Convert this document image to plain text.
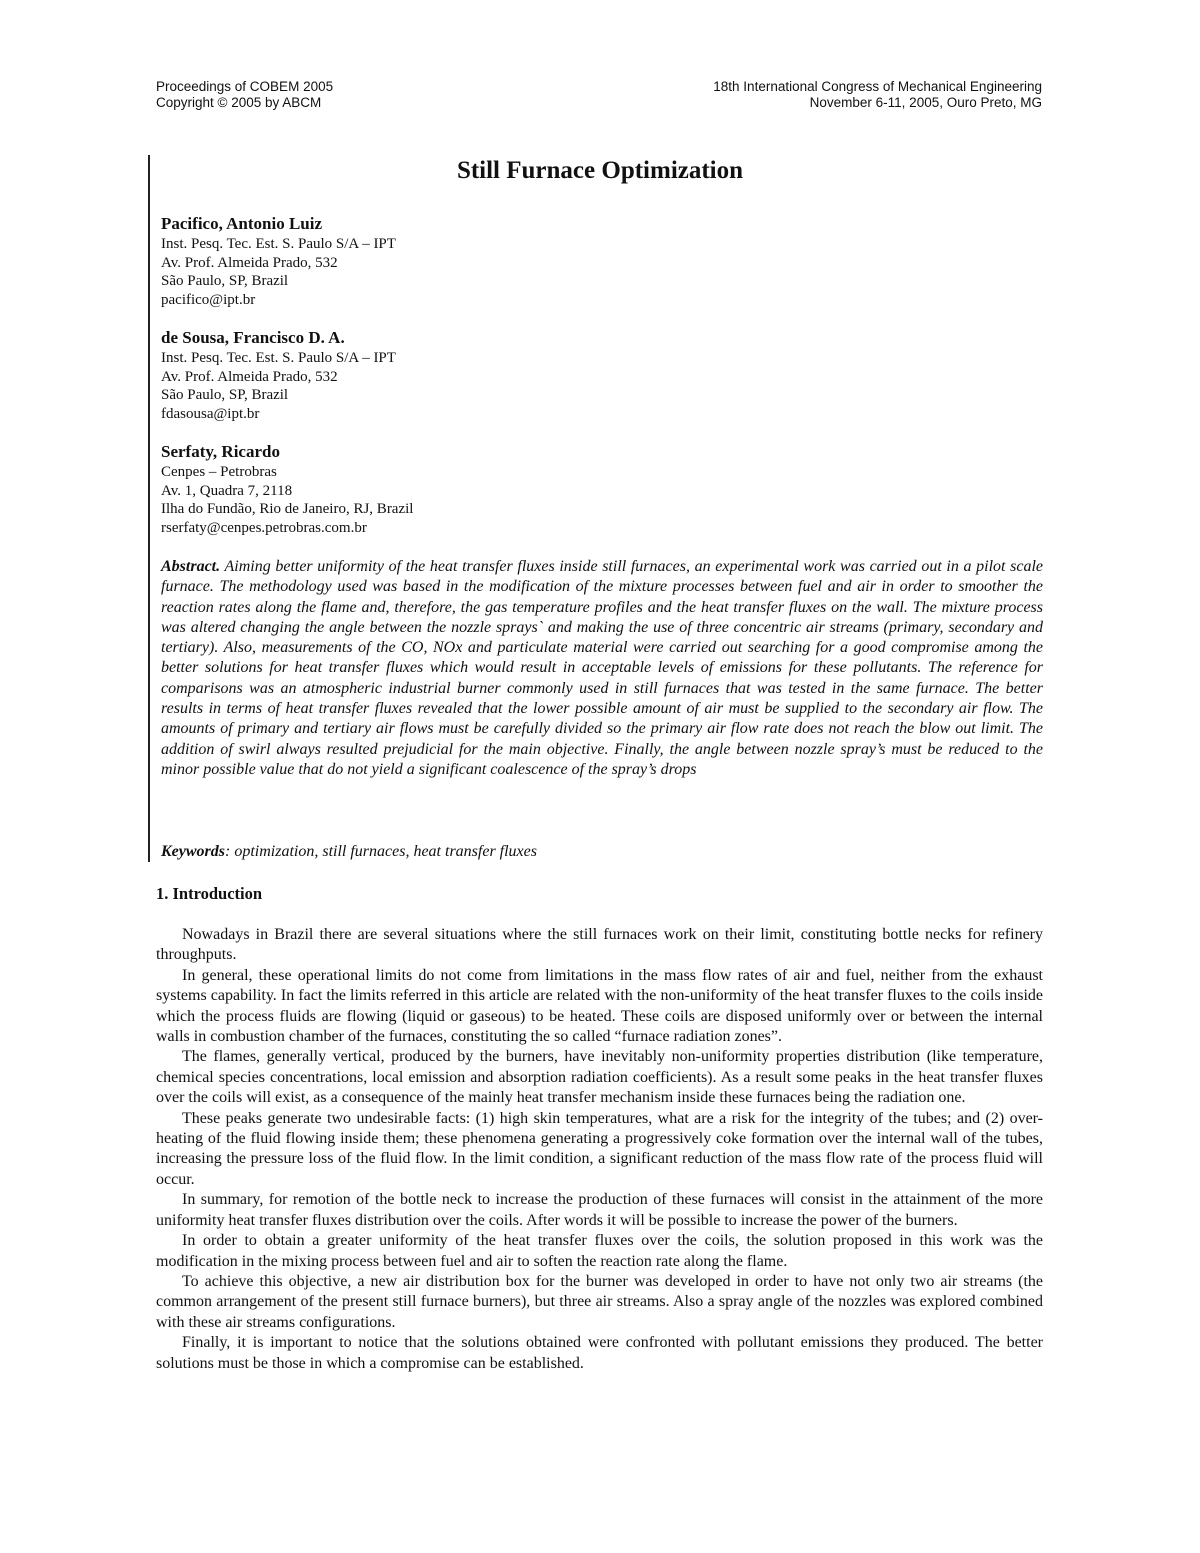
Proceedings of COBEM 2005
Copyright © 2005 by ABCM
18th International Congress of Mechanical Engineering
November 6-11, 2005, Ouro Preto, MG
Still Furnace Optimization
Pacifico, Antonio Luiz
Inst. Pesq. Tec. Est. S. Paulo S/A – IPT
Av. Prof. Almeida Prado, 532
São Paulo, SP, Brazil
pacifico@ipt.br
de Sousa, Francisco D. A.
Inst. Pesq. Tec. Est. S. Paulo S/A – IPT
Av. Prof. Almeida Prado, 532
São Paulo, SP, Brazil
fdasousa@ipt.br
Serfaty, Ricardo
Cenpes – Petrobras
Av. 1, Quadra 7, 2118
Ilha do Fundão, Rio de Janeiro, RJ, Brazil
rserfaty@cenpes.petrobras.com.br

Abstract. Aiming better uniformity of the heat transfer fluxes inside still furnaces, an experimental work was carried out in a pilot scale furnace. The methodology used was based in the modification of the mixture processes between fuel and air in order to smoother the reaction rates along the flame and, therefore, the gas temperature profiles and the heat transfer fluxes on the wall. The mixture process was altered changing the angle between the nozzle sprays` and making the use of three concentric air streams (primary, secondary and tertiary). Also, measurements of the CO, NOx and particulate material were carried out searching for a good compromise among the better solutions for heat transfer fluxes which would result in acceptable levels of emissions for these pollutants. The reference for comparisons was an atmospheric industrial burner commonly used in still furnaces that was tested in the same furnace. The better results in terms of heat transfer fluxes revealed that the lower possible amount of air must be supplied to the secondary air flow. The amounts of primary and tertiary air flows must be carefully divided so the primary air flow rate does not reach the blow out limit. The addition of swirl always resulted prejudicial for the main objective. Finally, the angle between nozzle spray’s must be reduced to the minor possible value that do not yield a significant coalescence of the spray’s drops

Keywords: optimization, still furnaces, heat transfer fluxes

1. Introduction

Nowadays in Brazil there are several situations where the still furnaces work on their limit, constituting bottle necks for refinery throughputs.

In general, these operational limits do not come from limitations in the mass flow rates of air and fuel, neither from the exhaust systems capability. In fact the limits referred in this article are related with the non-uniformity of the heat transfer fluxes to the coils inside which the process fluids are flowing (liquid or gaseous) to be heated. These coils are disposed uniformly over or between the internal walls in combustion chamber of the furnaces, constituting the so called “furnace radiation zones”.

The flames, generally vertical, produced by the burners, have inevitably non-uniformity properties distribution (like temperature, chemical species concentrations, local emission and absorption radiation coefficients). As a result some peaks in the heat transfer fluxes over the coils will exist, as a consequence of the mainly heat transfer mechanism inside these furnaces being the radiation one.

These peaks generate two undesirable facts: (1) high skin temperatures, what are a risk for the integrity of the tubes; and (2) over-heating of the fluid flowing inside them; these phenomena generating a progressively coke formation over the internal wall of the tubes, increasing the pressure loss of the fluid flow. In the limit condition, a significant reduction of the mass flow rate of the process fluid will occur.

In summary, for remotion of the bottle neck to increase the production of these furnaces will consist in the attainment of the more uniformity heat transfer fluxes distribution over the coils. After words it will be possible to increase the power of the burners.

In order to obtain a greater uniformity of the heat transfer fluxes over the coils, the solution proposed in this work was the modification in the mixing process between fuel and air to soften the reaction rate along the flame.

To achieve this objective, a new air distribution box for the burner was developed in order to have not only two air streams (the common arrangement of the present still furnace burners), but three air streams. Also a spray angle of the nozzles was explored combined with these air streams configurations.

Finally, it is important to notice that the solutions obtained were confronted with pollutant emissions they produced. The better solutions must be those in which a compromise can be established.
